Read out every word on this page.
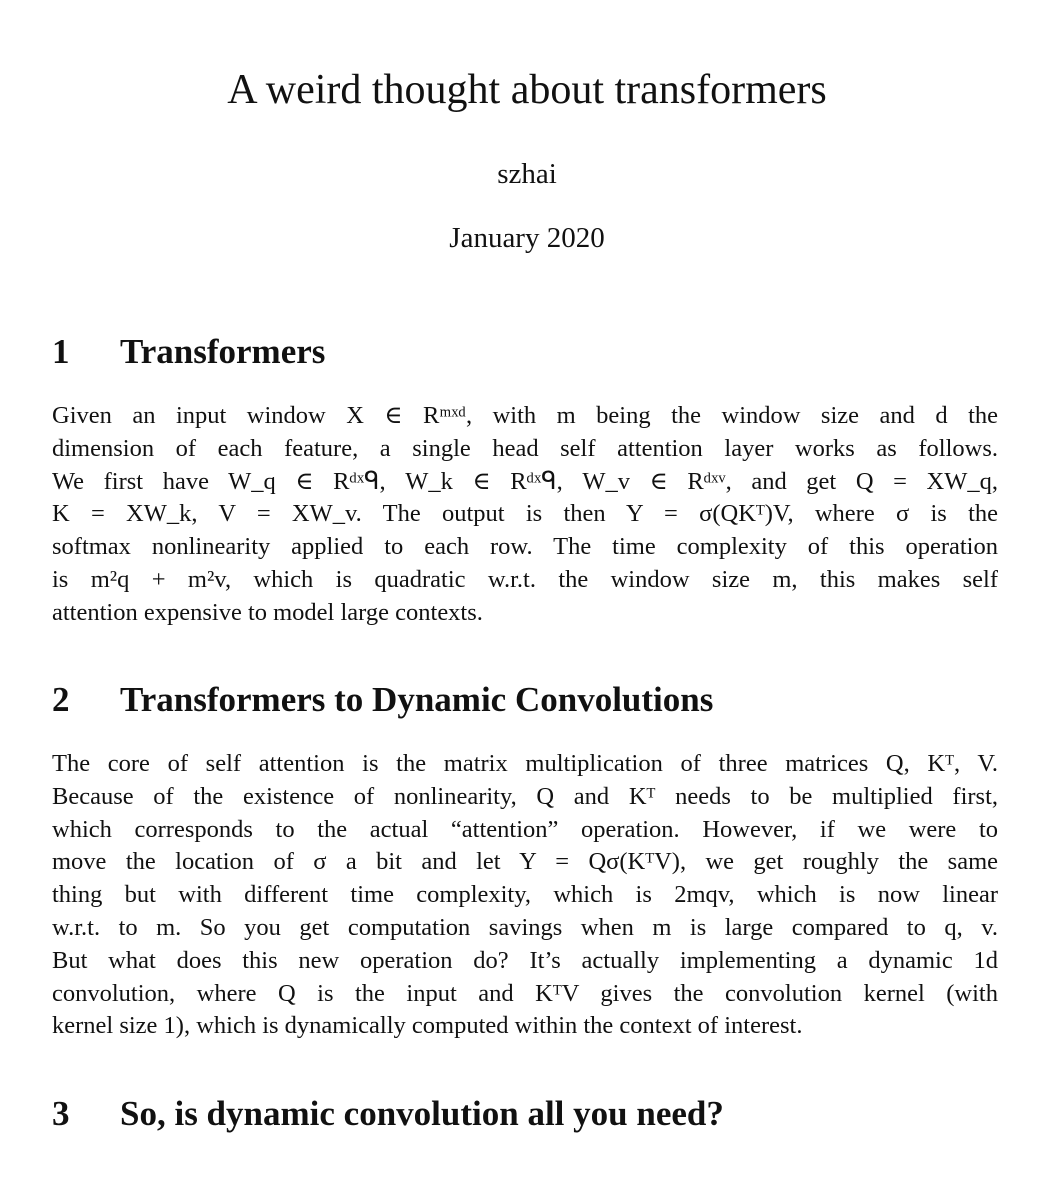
A weird thought about transformers
szhai
January 2020
1 Transformers
Given an input window X ∈ Rᵐˣᵈ, with m being the window size and d the
dimension of each feature, a single head self attention layer works as follows.
We first have W_q ∈ Rᵈˣᑫ, W_k ∈ Rᵈˣᑫ, W_v ∈ Rᵈˣᵛ, and get Q = XW_q,
K = XW_k, V = XW_v. The output is then Y = σ(QKᵀ)V, where σ is the
softmax nonlinearity applied to each row. The time complexity of this operation
is m²q + m²v, which is quadratic w.r.t. the window size m, this makes self
attention expensive to model large contexts.
2 Transformers to Dynamic Convolutions
The core of self attention is the matrix multiplication of three matrices Q, Kᵀ, V.
Because of the existence of nonlinearity, Q and Kᵀ needs to be multiplied first,
which corresponds to the actual “attention” operation. However, if we were to
move the location of σ a bit and let Y = Qσ(KᵀV), we get roughly the same
thing but with different time complexity, which is 2mqv, which is now linear
w.r.t. to m. So you get computation savings when m is large compared to q, v.
But what does this new operation do? It’s actually implementing a dynamic 1d
convolution, where Q is the input and KᵀV gives the convolution kernel (with
kernel size 1), which is dynamically computed within the context of interest.
3 So, is dynamic convolution all you need?
